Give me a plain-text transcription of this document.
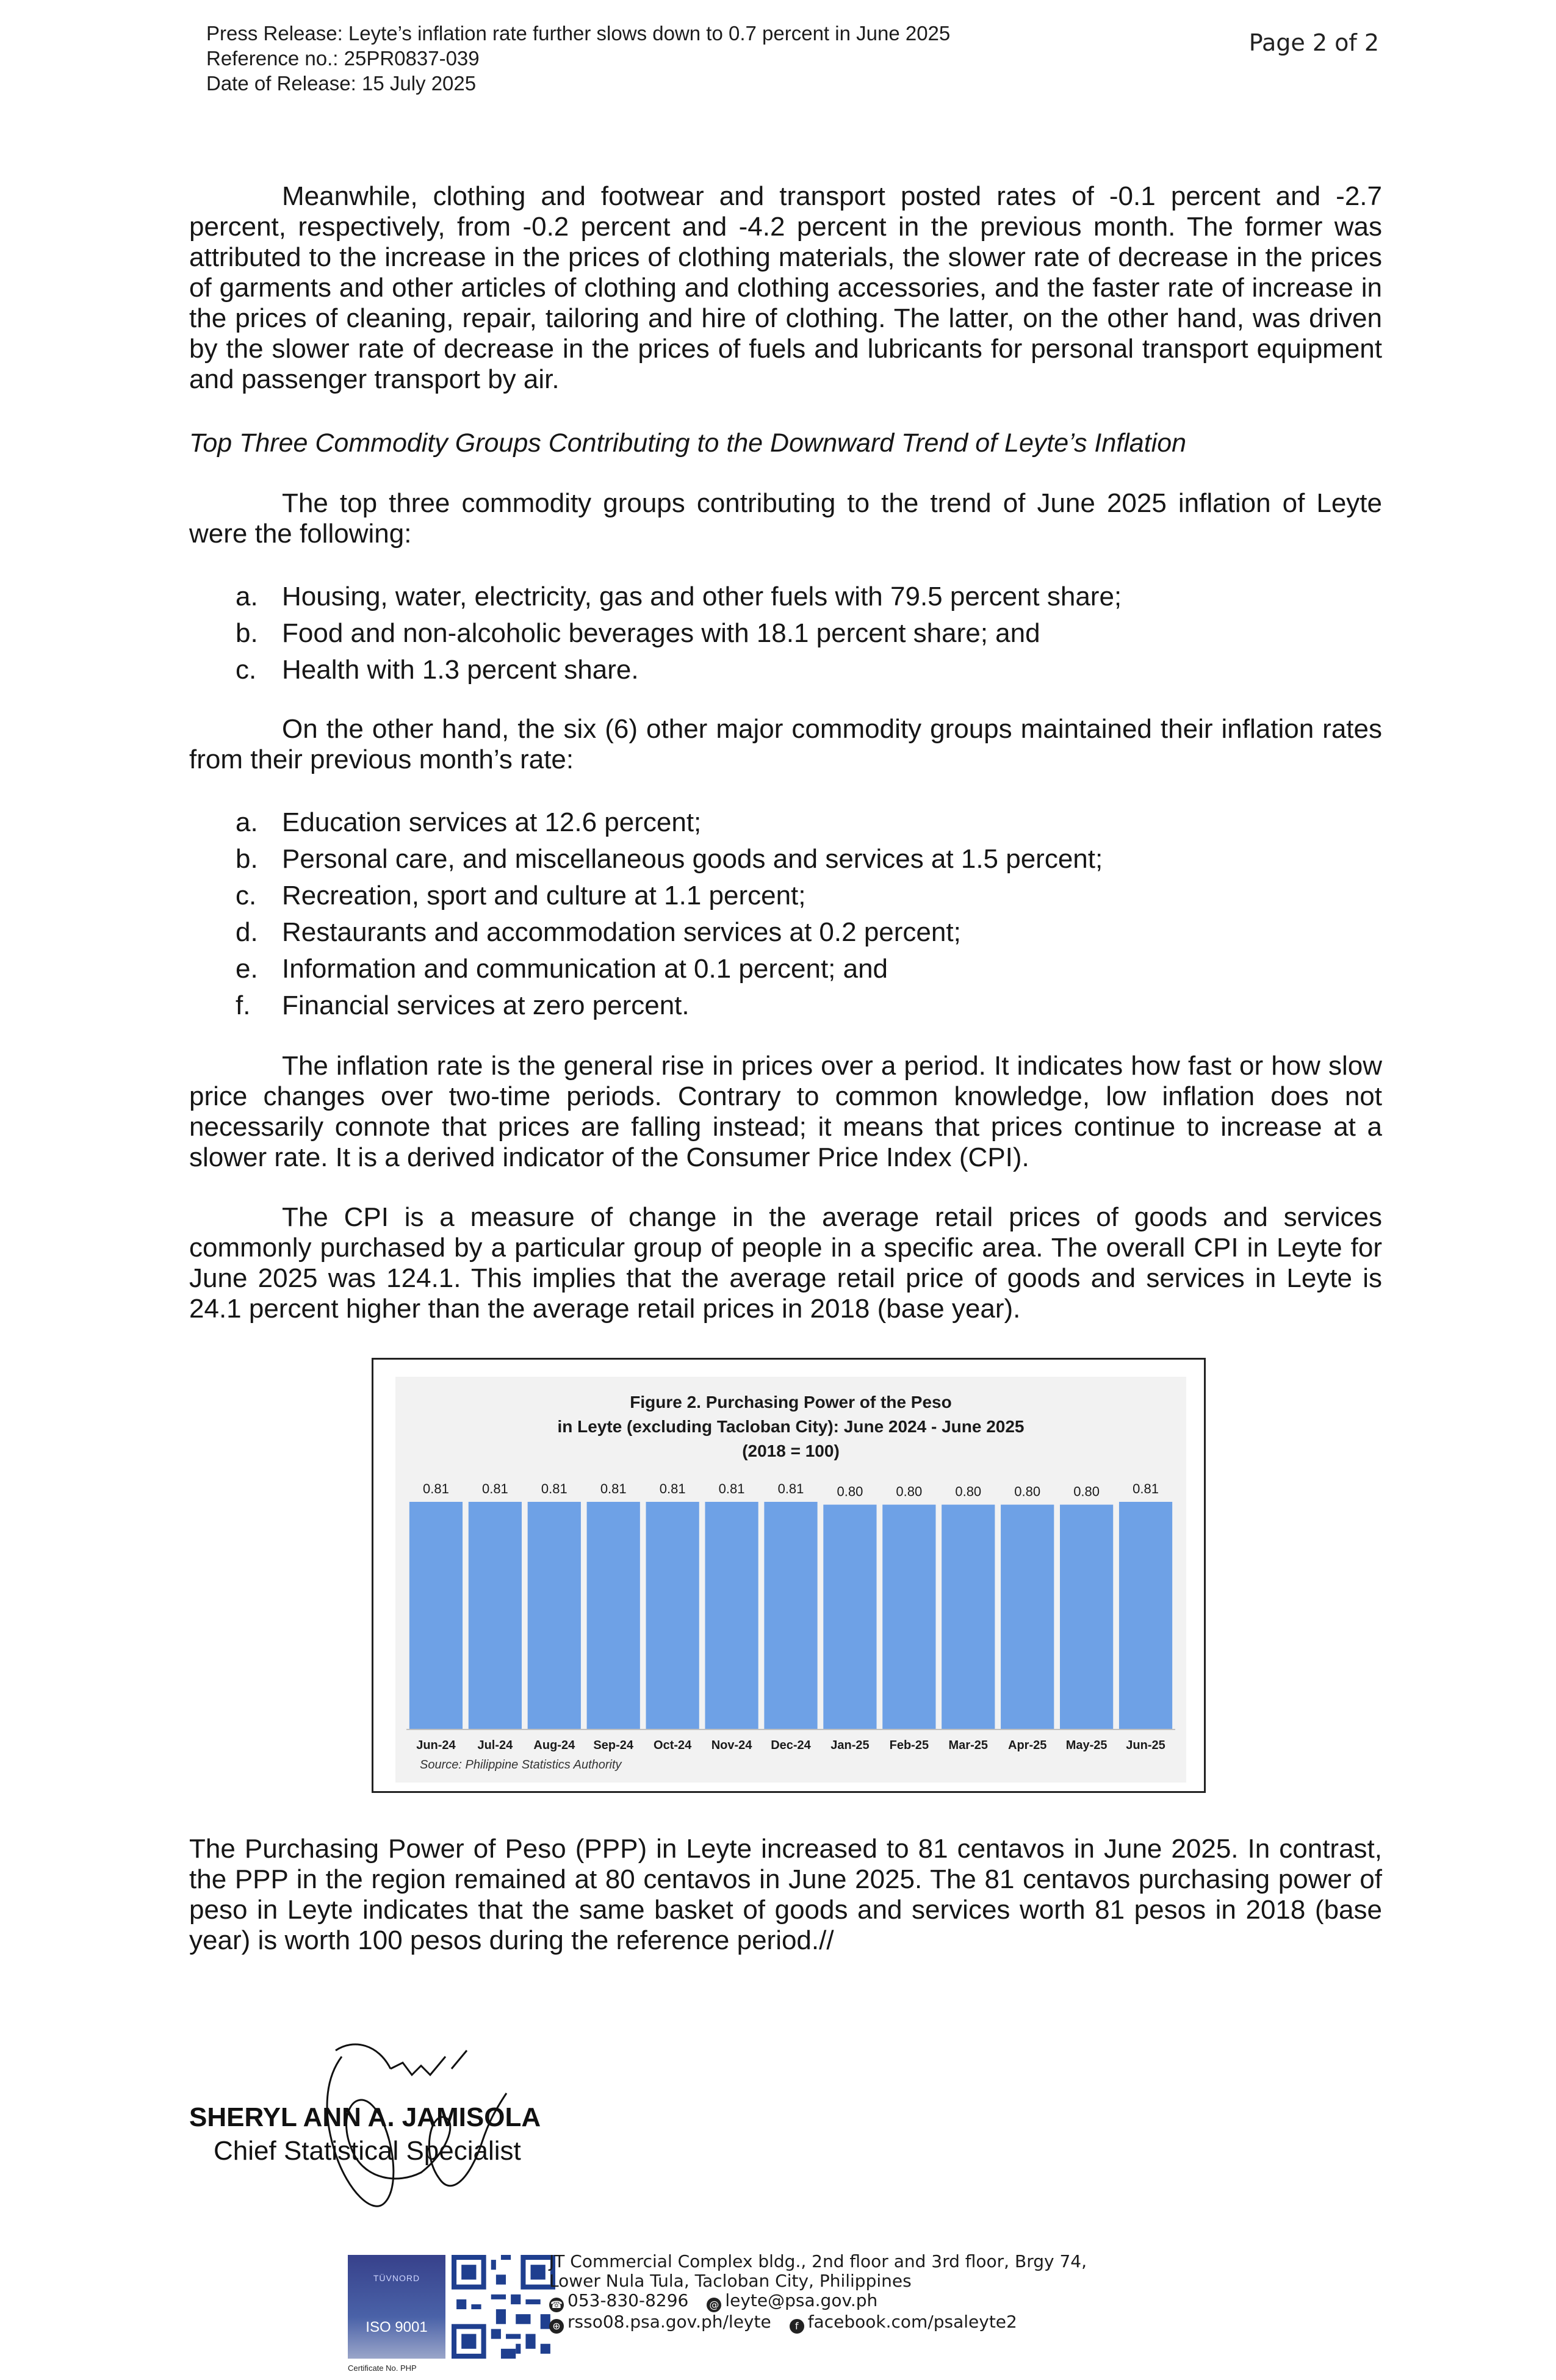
Press Release: Leyte’s inflation rate further slows down to 0.7 percent in June 2025
Reference no.: 25PR0837-039
Date of Release: 15 July 2025
Page 2 of 2

Meanwhile, clothing and footwear and transport posted rates of -0.1 percent and -2.7 percent, respectively, from -0.2 percent and -4.2 percent in the previous month. The former was attributed to the increase in the prices of clothing materials, the slower rate of decrease in the prices of garments and other articles of clothing and clothing accessories, and the faster rate of increase in the prices of cleaning, repair, tailoring and hire of clothing. The latter, on the other hand, was driven by the slower rate of decrease in the prices of fuels and lubricants for personal transport equipment and passenger transport by air.

Top Three Commodity Groups Contributing to the Downward Trend of Leyte’s Inflation

The top three commodity groups contributing to the trend of June 2025 inflation of Leyte were the following:

a. Housing, water, electricity, gas and other fuels with 79.5 percent share;
b. Food and non-alcoholic beverages with 18.1 percent share; and
c. Health with 1.3 percent share.

On the other hand, the six (6) other major commodity groups maintained their inflation rates from their previous month’s rate:

a. Education services at 12.6 percent;
b. Personal care, and miscellaneous goods and services at 1.5 percent;
c. Recreation, sport and culture at 1.1 percent;
d. Restaurants and accommodation services at 0.2 percent;
e. Information and communication at 0.1 percent; and
f.	Financial services at zero percent.

The inflation rate is the general rise in prices over a period. It indicates how fast or how slow price changes over two-time periods. Contrary to common knowledge, low inflation does not necessarily connote that prices are falling instead; it means that prices continue to increase at a slower rate. It is a derived indicator of the Consumer Price Index (CPI).

The CPI is a measure of change in the average retail prices of goods and services commonly purchased by a particular group of people in a specific area. The overall CPI in Leyte for June 2025 was 124.1. This implies that the average retail price of goods and services in Leyte is 24.1 percent higher than the average retail prices in 2018 (base year).

Figure 2. Purchasing Power of the Peso
in Leyte (excluding Tacloban City): June 2024 - June 2025
(2018 = 100)
0.81
Jun-24
0.81
Jul-24
0.81
Aug-24
0.81
Sep-24
0.81
Oct-24
0.81
Nov-24
0.81
Dec-24
0.80
Jan-25
0.80
Feb-25
0.80
Mar-25
0.80
Apr-25
0.80
May-25
0.81
Jun-25
Source: Philippine Statistics Authority

The Purchasing Power of Peso (PPP) in Leyte increased to 81 centavos in June 2025. In contrast, the PPP in the region remained at 80 centavos in June 2025. The 81 centavos purchasing power of peso in Leyte indicates that the same basket of goods and services worth 81 pesos in 2018 (base year) is worth 100 pesos during the reference period.//

SHERYL ANN A. JAMISOLA
Chief Statistical Specialist
TÜVNORD
ISO 9001
Certificate No. PHP
JT Commercial Complex bldg., 2nd floor and 3rd floor, Brgy 74,
Lower Nula Tula, Tacloban City, Philippines
☎ 053-830-8296 @ leyte@psa.gov.ph
⊕ rsso08.psa.gov.ph/leyte	f facebook.com/psaleyte2
